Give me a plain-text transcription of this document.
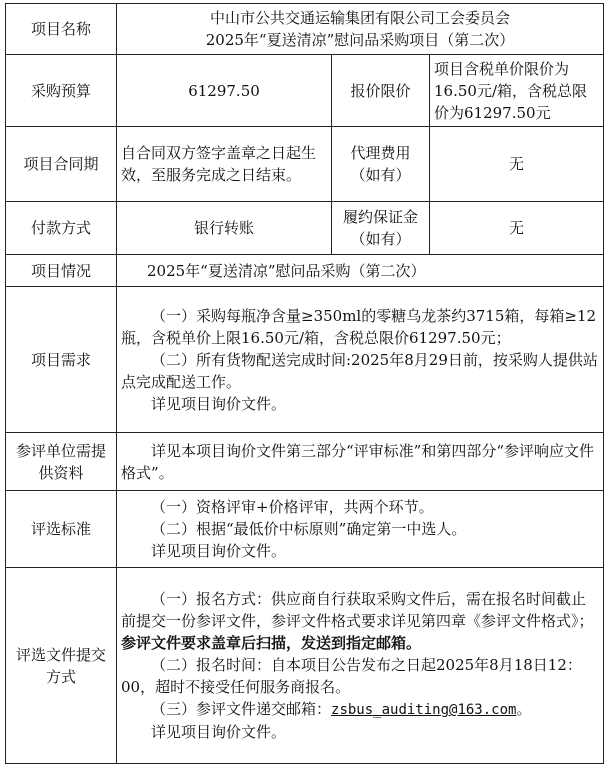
项目名称	中山市公共交通运输集团有限公司工会委员会
2025年“夏送清凉”慰问品采购项目（第二次）		

采购预算	61297.50	报价限价	项目含税单价限价为16.50元/箱，含税总限价为61297.50元
项目合同期	自合同双方签字盖章之日起生效，至服务完成之日结束。	代理费用（如有）	无
付款方式	银行转账	履约保证金（如有）	无
项目情况	2025年“夏送清凉”慰问品采购（第二次）		
项目需求	（一）采购每瓶净含量≥350ml的零糖乌龙茶约3715箱，每箱≥12瓶，含税单价上限16.50元/箱，含税总限价61297.50元；
（二）所有货物配送完成时间:2025年8月29日前，按采购人提供站点完成配送工作。
详见项目询价文件。		

参评单位需提供资料	详见本项目询价文件第三部分“评审标准”和第四部分“参评响应文件格式”。		

评选标准	（一）资格评审+价格评审，共两个环节。
（二）根据“最低价中标原则”确定第一中选人。
详见项目询价文件。		

评选文件提交方式	（一）报名方式：供应商自行获取采购文件后，需在报名时间截止前提交一份参评文件，参评文件格式要求详见第四章《参评文件格式》；参评文件要求盖章后扫描，发送到指定邮箱。
（二）报名时间：自本项目公告发布之日起2025年8月18日12：00，超时不接受任何服务商报名。
（三）参评文件递交邮箱：zsbus_auditing@163.com。
详见项目询价文件。		
